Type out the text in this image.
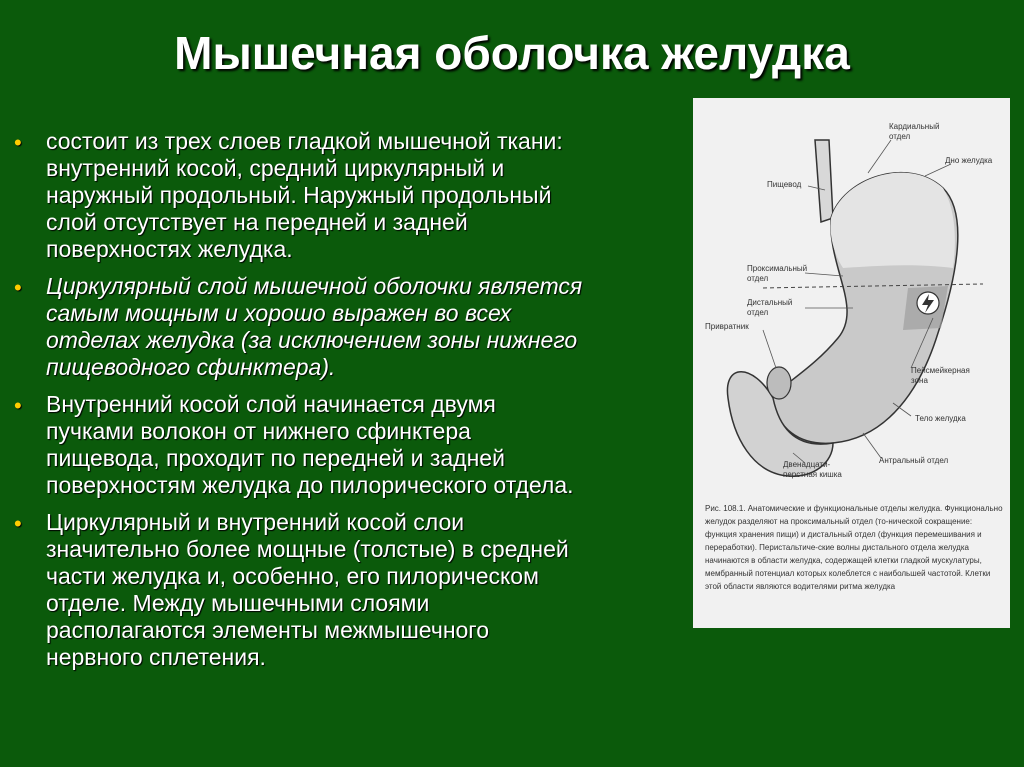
Мышечная оболочка желудка
• состоит из трех слоев гладкой мышечной ткани:
внутренний косой, средний циркулярный и
наружный продольный. Наружный продольный
слой отсутствует на передней и задней
поверхностях желудка.
• Циркулярный слой мышечной оболочки является
самым мощным и хорошо выражен во всех
отделах желудка (за исключением зоны нижнего
пищеводного сфинктера).
• Внутренний косой слой начинается двумя
пучками волокон от нижнего сфинктера
пищевода, проходит по передней и задней
поверхностям желудка до пилорического отдела.
• Циркулярный и внутренний косой слои
значительно более мощные (толстые) в средней
части желудка и, особенно, его пилорическом
отделе. Между мышечными слоями
располагаются элементы межмышечного
нервного сплетения.
Кардиальный
отдел
Дно желудка
Пищевод
Проксимальный
отдел
Дистальный
отдел
Привратник
Пейсмейкерная
зона
Тело желудка
Двенадцати-
перстная кишка
Антральный отдел
Рис. 108.1. Анатомические и функциональные отделы желудка. Функционально желудок разделяют на проксимальный отдел (то-нической сокращение: функция хранения пищи) и дистальный отдел (функция перемешивания и переработки). Перистальтиче-ские волны дистального отдела желудка начинаются в области желудка, содержащей клетки гладкой мускулатуры, мембранный потенциал которых колеблется с наибольшей частотой. Клетки этой области являются водителями ритма желудка
